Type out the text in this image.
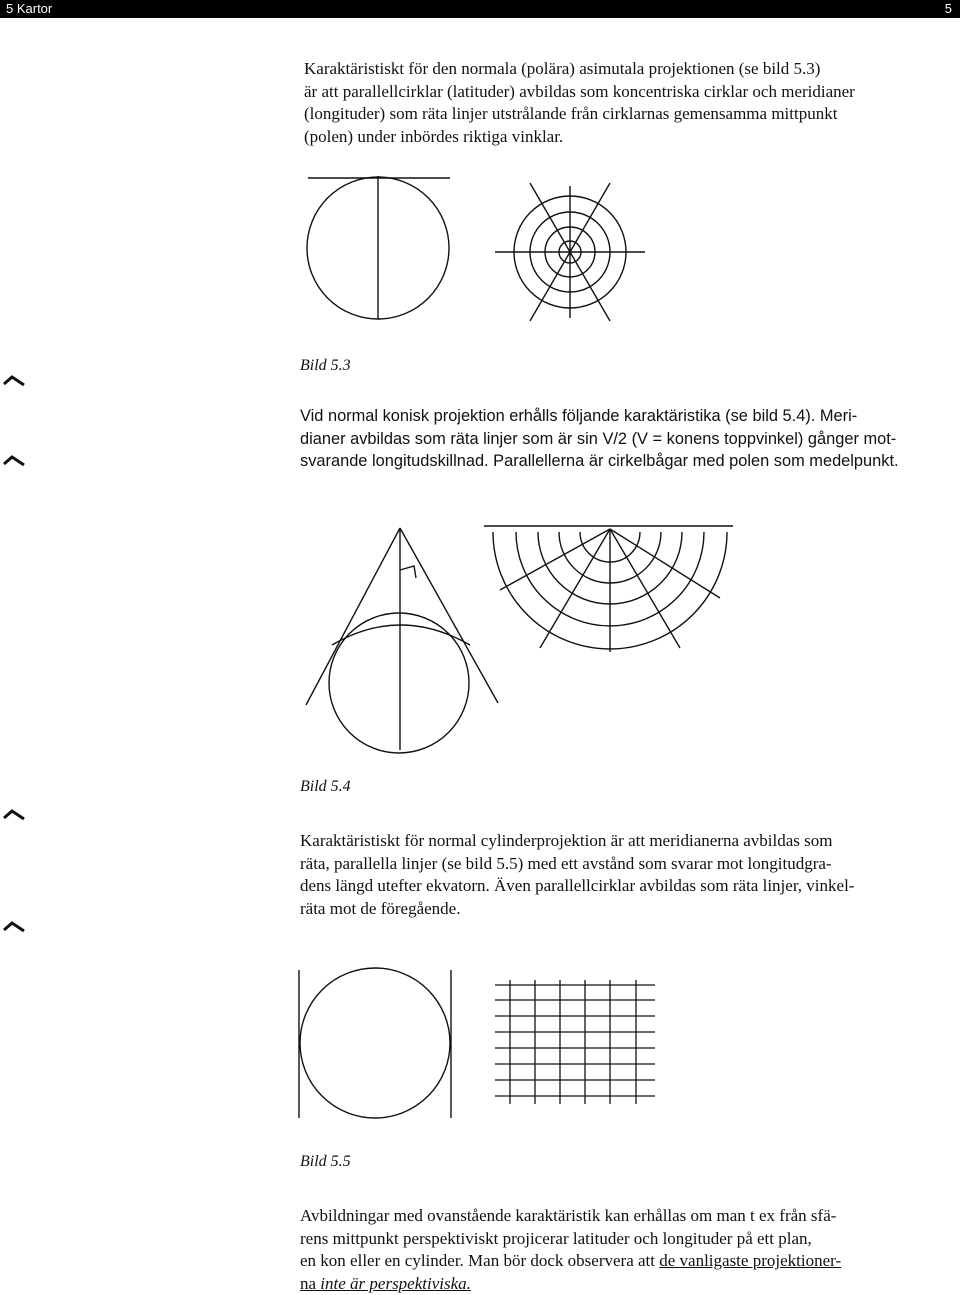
5 Kartor	5
Karaktäristiskt för den normala (polära) asimutala projektionen (se bild 5.3)
är att parallellcirklar (latituder) avbildas som koncentriska cirklar och meridianer
(longituder) som räta linjer utstrålande från cirklarnas gemensamma mittpunkt
(polen) under inbördes riktiga vinklar.
Bild 5.3
Vid normal konisk projektion erhålls följande karaktäristika (se bild 5.4). Meri-
dianer avbildas som räta linjer som är sin V/2 (V = konens toppvinkel) gånger mot-
svarande longitudskillnad. Parallellerna är cirkelbågar med polen som medelpunkt.
Bild 5.4
Karaktäristiskt för normal cylinderprojektion är att meridianerna avbildas som
räta, parallella linjer (se bild 5.5) med ett avstånd som svarar mot longitudgra-
dens längd utefter ekvatorn. Även parallellcirklar avbildas som räta linjer, vinkel-
räta mot de föregående.
Bild 5.5
Avbildningar med ovanstående karaktäristik kan erhållas om man t ex från sfä-
rens mittpunkt perspektiviskt projicerar latituder och longituder på ett plan,
en kon eller en cylinder. Man bör dock observera att de vanligaste projektioner-
na inte är perspektiviska.
